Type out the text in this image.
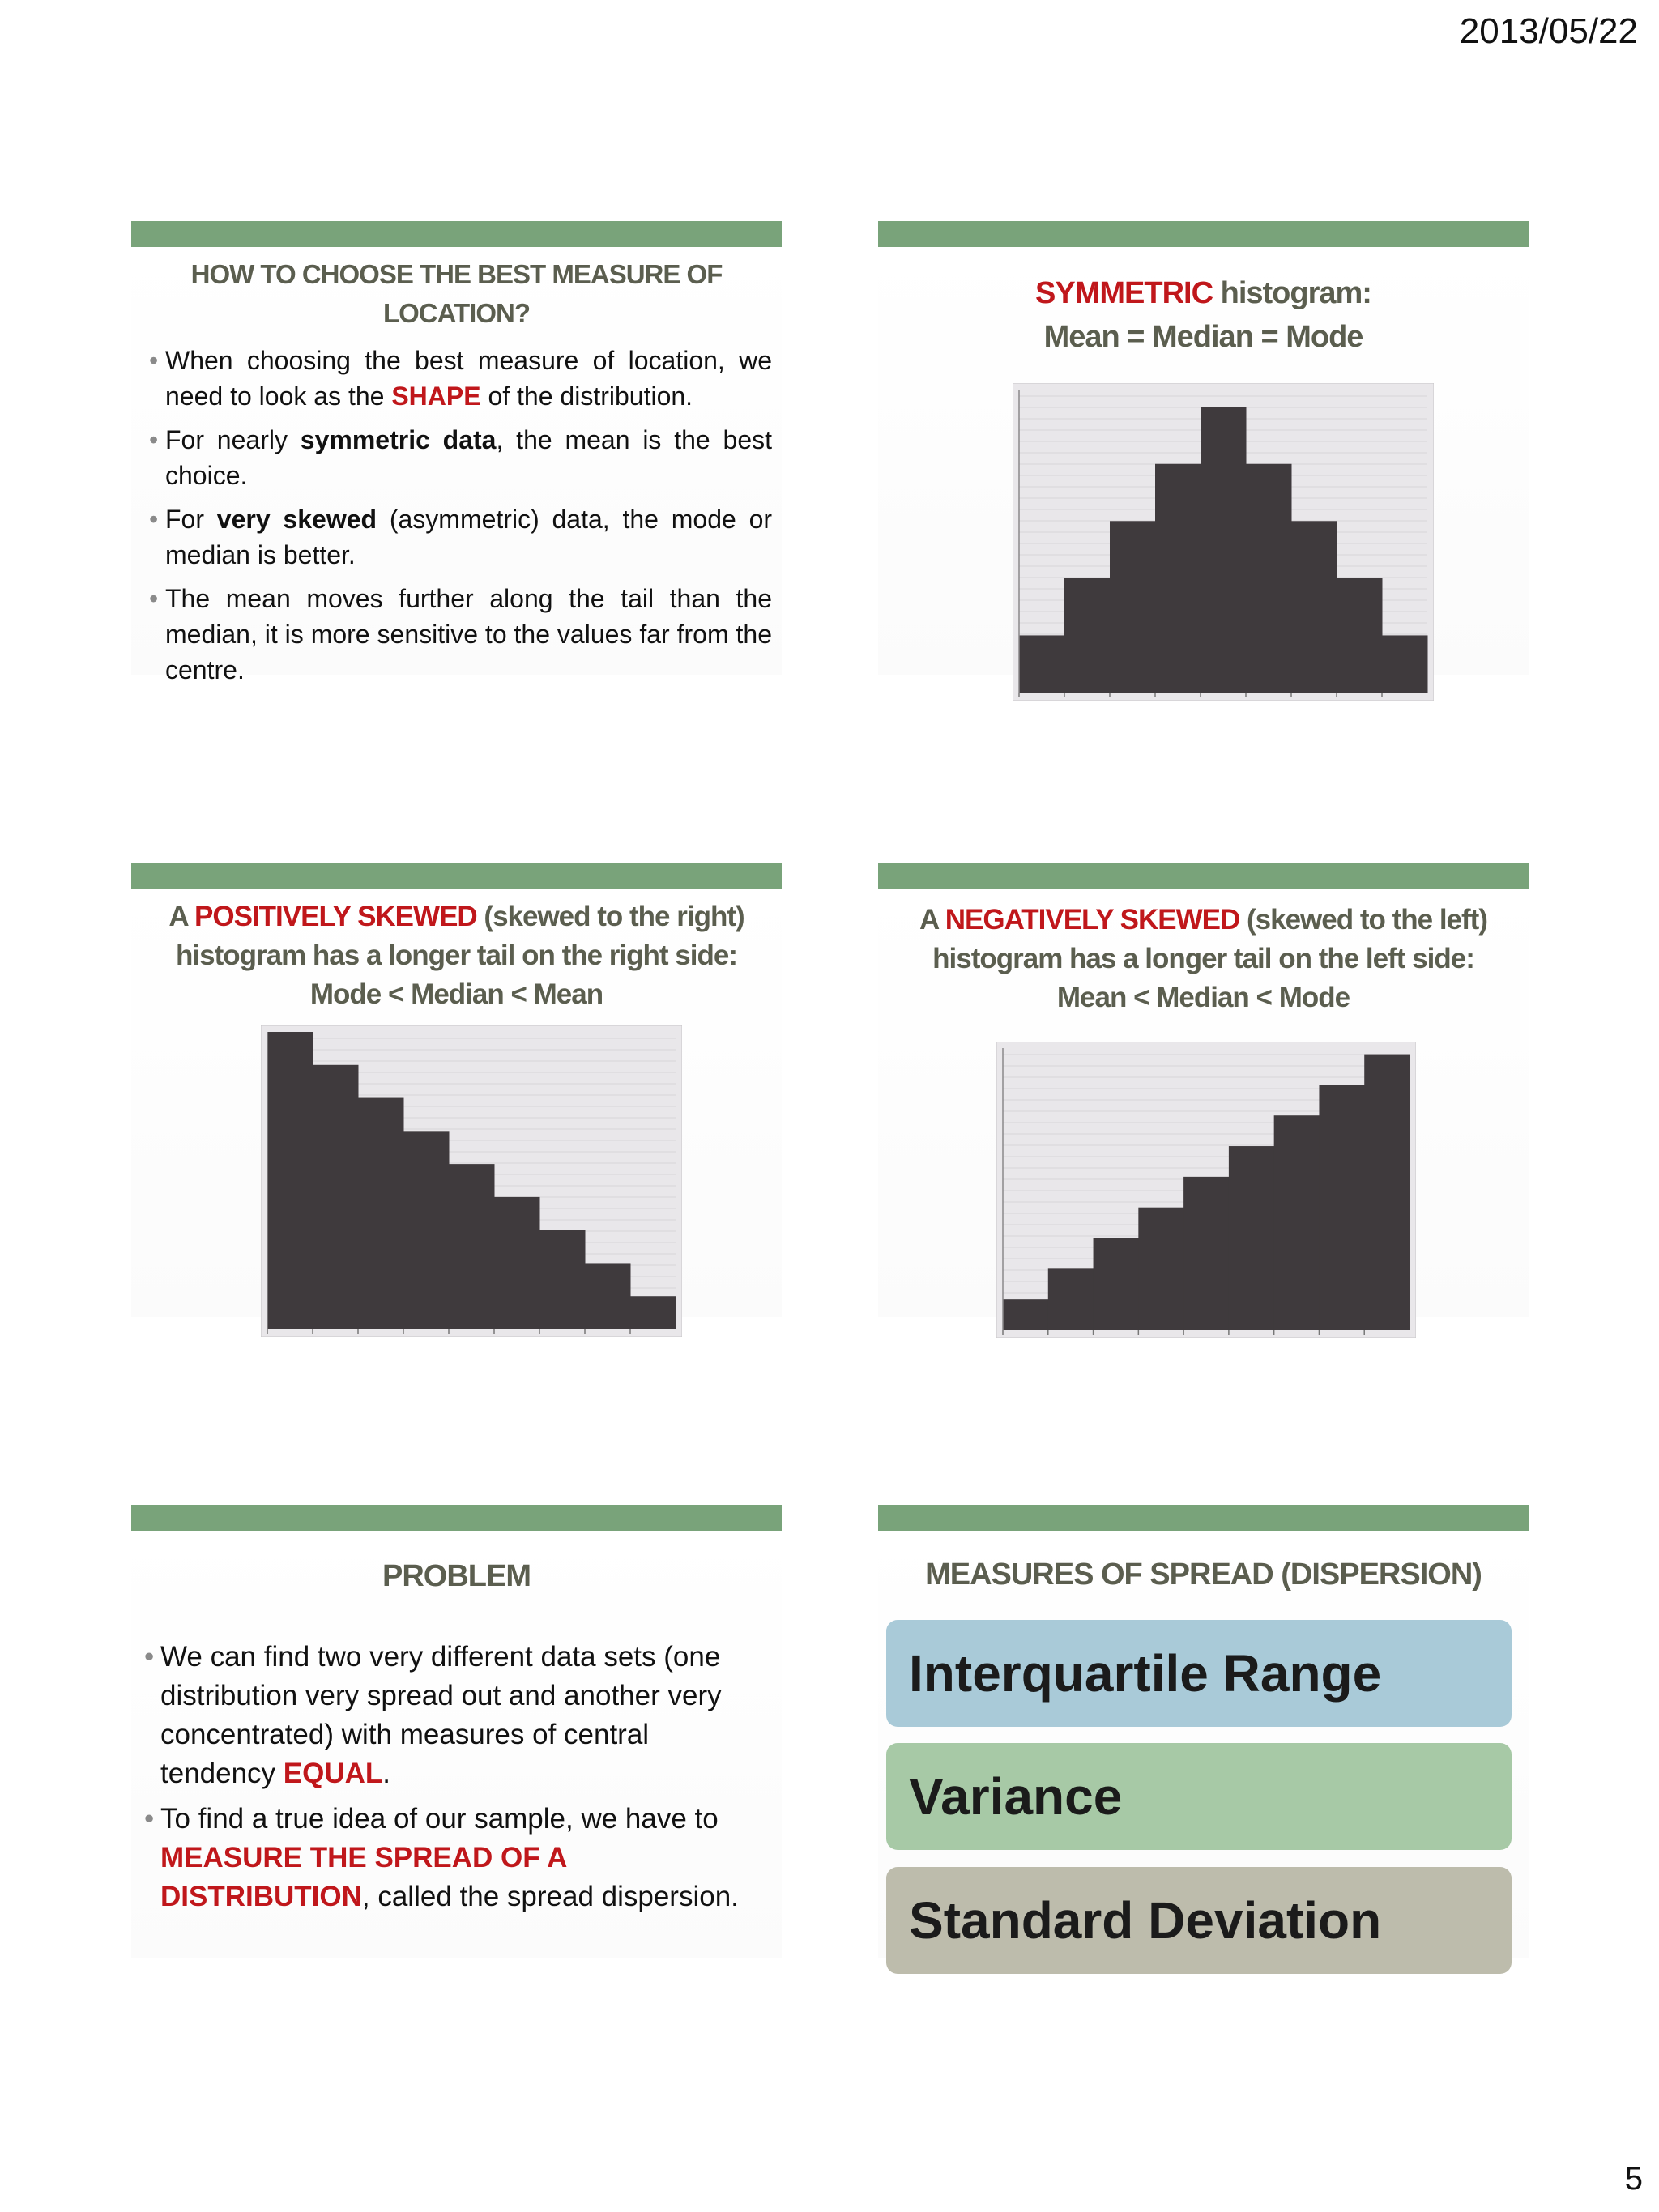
2013/05/22
HOW TO CHOOSE THE BEST MEASURE OF LOCATION?
• When choosing the best measure of location, we need to look as the SHAPE of the distribution.
• For nearly symmetric data, the mean is the best choice.
• For very skewed (asymmetric) data, the mode or median is better.
• The mean moves further along the tail than the median, it is more sensitive to the values far from the centre.
SYMMETRIC histogram:
Mean = Median = Mode
A POSITIVELY SKEWED (skewed to the right)
histogram has a longer tail on the right side:
Mode < Median < Mean
A NEGATIVELY SKEWED (skewed to the left)
histogram has a longer tail on the left side:
Mean < Median < Mode
PROBLEM
• We can find two very different data sets (one distribution very spread out and another very concentrated) with measures of central tendency EQUAL.
• To find a true idea of our sample, we have to MEASURE THE SPREAD OF A DISTRIBUTION, called the spread dispersion.
MEASURES OF SPREAD (DISPERSION)
Interquartile Range
Variance
Standard Deviation
5
